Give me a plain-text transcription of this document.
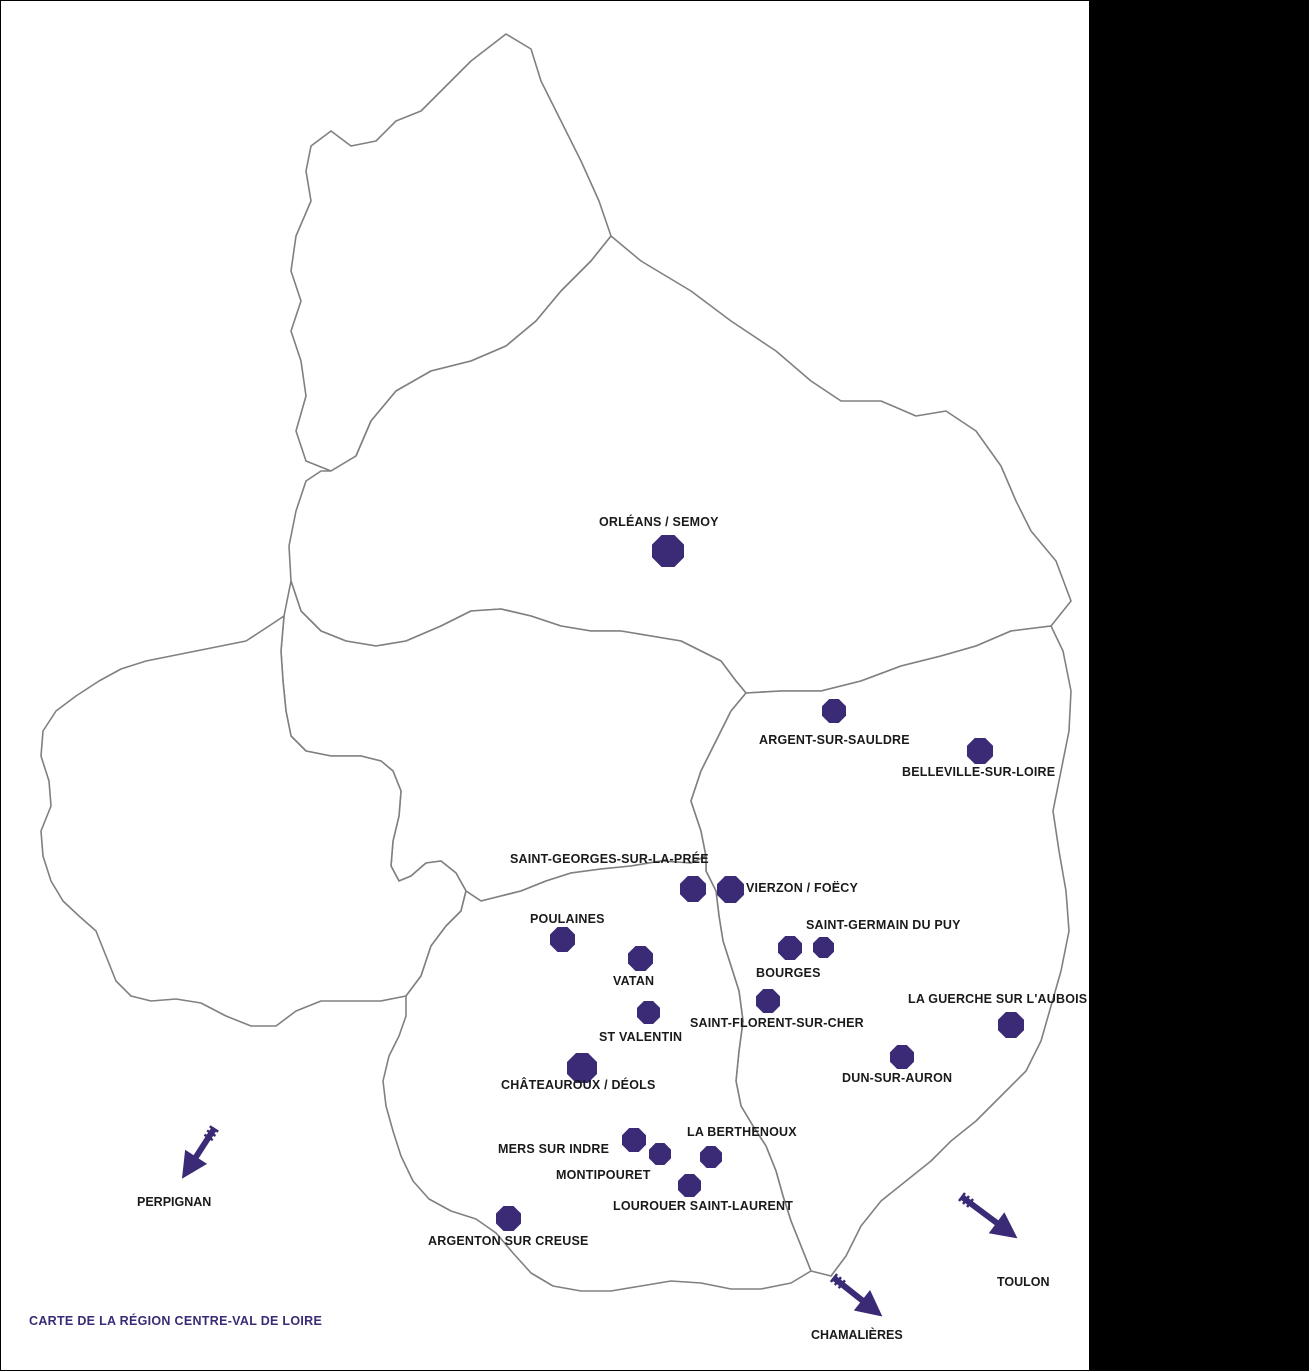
ORLÉANS / SEMOY
ARGENT-SUR-SAULDRE
BELLEVILLE-SUR-LOIRE
SAINT-GEORGES-SUR-LA-PRÉE
VIERZON / FOËCY
POULAINES	SAINT-GERMAIN DU PUY
BOURGES
VATAN
LA GUERCHE SUR L'AUBOIS
SAINT-FLORENT-SUR-CHER
ST VALENTIN
DUN-SUR-AURON
CHÂTEAUROUX / DÉOLS
LA BERTHENOUX
MERS SUR INDRE
MONTIPOURET
LOUROUER SAINT-LAURENT
ARGENTON SUR CREUSE
PERPIGNAN
CHAMALIÈRES
TOULON
CARTE DE LA RÉGION CENTRE-VAL DE LOIRE
